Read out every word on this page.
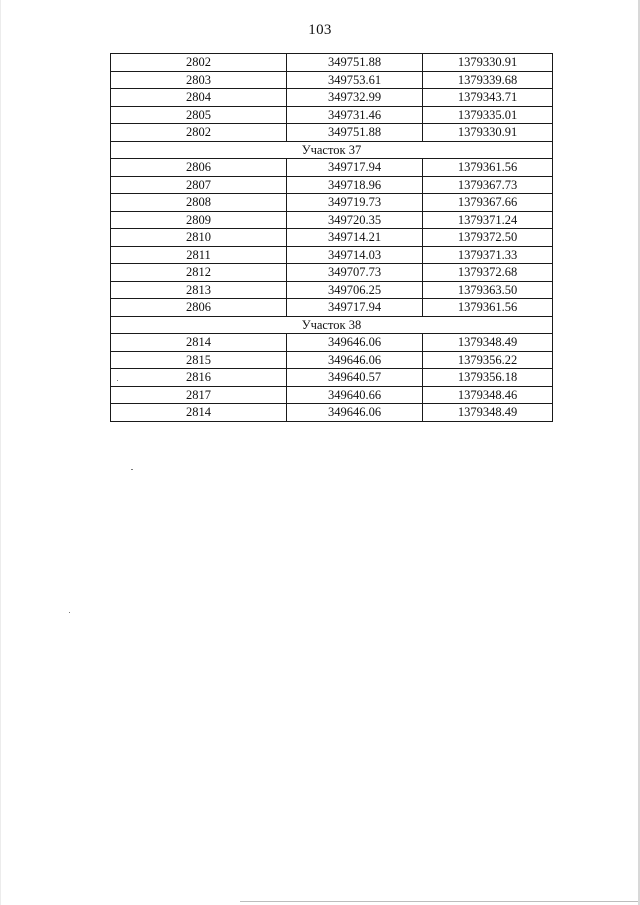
103
2802	349751.88	1379330.91
2803	349753.61	1379339.68
2804	349732.99	1379343.71
2805	349731.46	1379335.01
2802	349751.88	1379330.91
Участок 37		
2806	349717.94	1379361.56
2807	349718.96	1379367.73
2808	349719.73	1379367.66
2809	349720.35	1379371.24
2810	349714.21	1379372.50
2811	349714.03	1379371.33
2812	349707.73	1379372.68
2813	349706.25	1379363.50
2806	349717.94	1379361.56
Участок 38		
2814	349646.06	1379348.49
2815	349646.06	1379356.22
2816	349640.57	1379356.18
2817	349640.66	1379348.46
2814	349646.06	1379348.49
